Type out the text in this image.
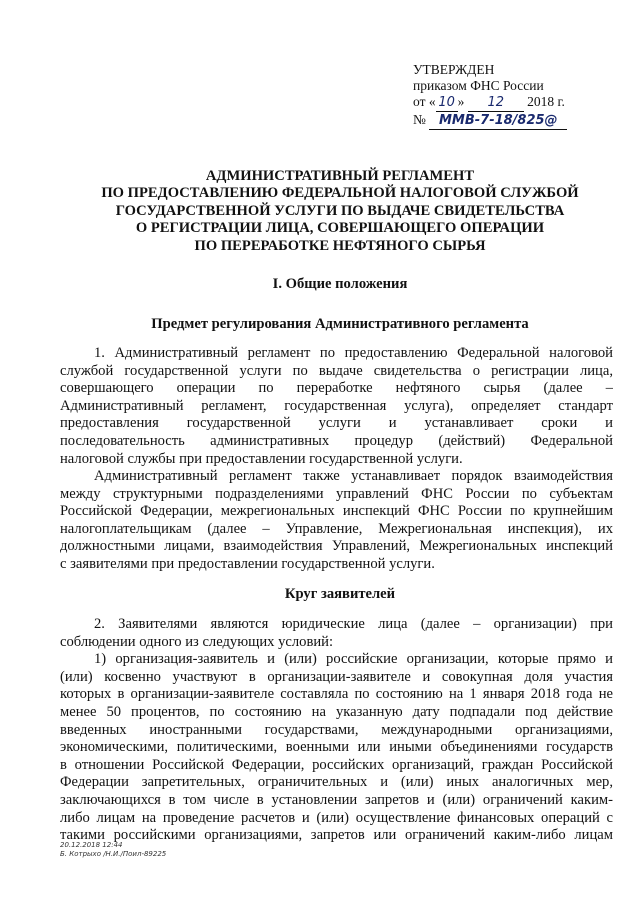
УТВЕРЖДЕН
приказом ФНС России
от « 10 » 12 2018 г.
№ ММВ-7-18/825@
АДМИНИСТРАТИВНЫЙ РЕГЛАМЕНТ
ПО ПРЕДОСТАВЛЕНИЮ ФЕДЕРАЛЬНОЙ НАЛОГОВОЙ СЛУЖБОЙ
ГОСУДАРСТВЕННОЙ УСЛУГИ ПО ВЫДАЧЕ СВИДЕТЕЛЬСТВА
О РЕГИСТРАЦИИ ЛИЦА, СОВЕРШАЮЩЕГО ОПЕРАЦИИ
ПО ПЕРЕРАБОТКЕ НЕФТЯНОГО СЫРЬЯ
I. Общие положения
Предмет регулирования Административного регламента
1. Административный регламент по предоставлению Федеральной налоговой
службой государственной услуги по выдаче свидетельства о регистрации лица,
совершающего операции по переработке нефтяного сырья (далее –
Административный регламент, государственная услуга), определяет стандарт
предоставления государственной услуги и устанавливает сроки и
последовательность административных процедур (действий) Федеральной
налоговой службы при предоставлении государственной услуги.
Административный регламент также устанавливает порядок взаимодействия
между структурными подразделениями управлений ФНС России по субъектам
Российской Федерации, межрегиональных инспекций ФНС России по крупнейшим
налогоплательщикам (далее – Управление, Межрегиональная инспекция), их
должностными лицами, взаимодействия Управлений, Межрегиональных инспекций
с заявителями при предоставлении государственной услуги.
Круг заявителей
2. Заявителями являются юридические лица (далее – организации) при
соблюдении одного из следующих условий:
1) организация-заявитель и (или) российские организации, которые прямо и
(или) косвенно участвуют в организации-заявителе и совокупная доля участия
которых в организации-заявителе составляла по состоянию на 1 января 2018 года не
менее 50 процентов, по состоянию на указанную дату подпадали под действие
введенных иностранными государствами, международными организациями,
экономическими, политическими, военными или иными объединениями государств
в отношении Российской Федерации, российских организаций, граждан Российской
Федерации запретительных, ограничительных и (или) иных аналогичных мер,
заключающихся в том числе в установлении запретов и (или) ограничений каким-
либо лицам на проведение расчетов и (или) осуществление финансовых операций с
такими российскими организациями, запретов или ограничений каким-либо лицам
20.12.2018 12:44
Б. Котрыхо /Н.И./Поил-89225
